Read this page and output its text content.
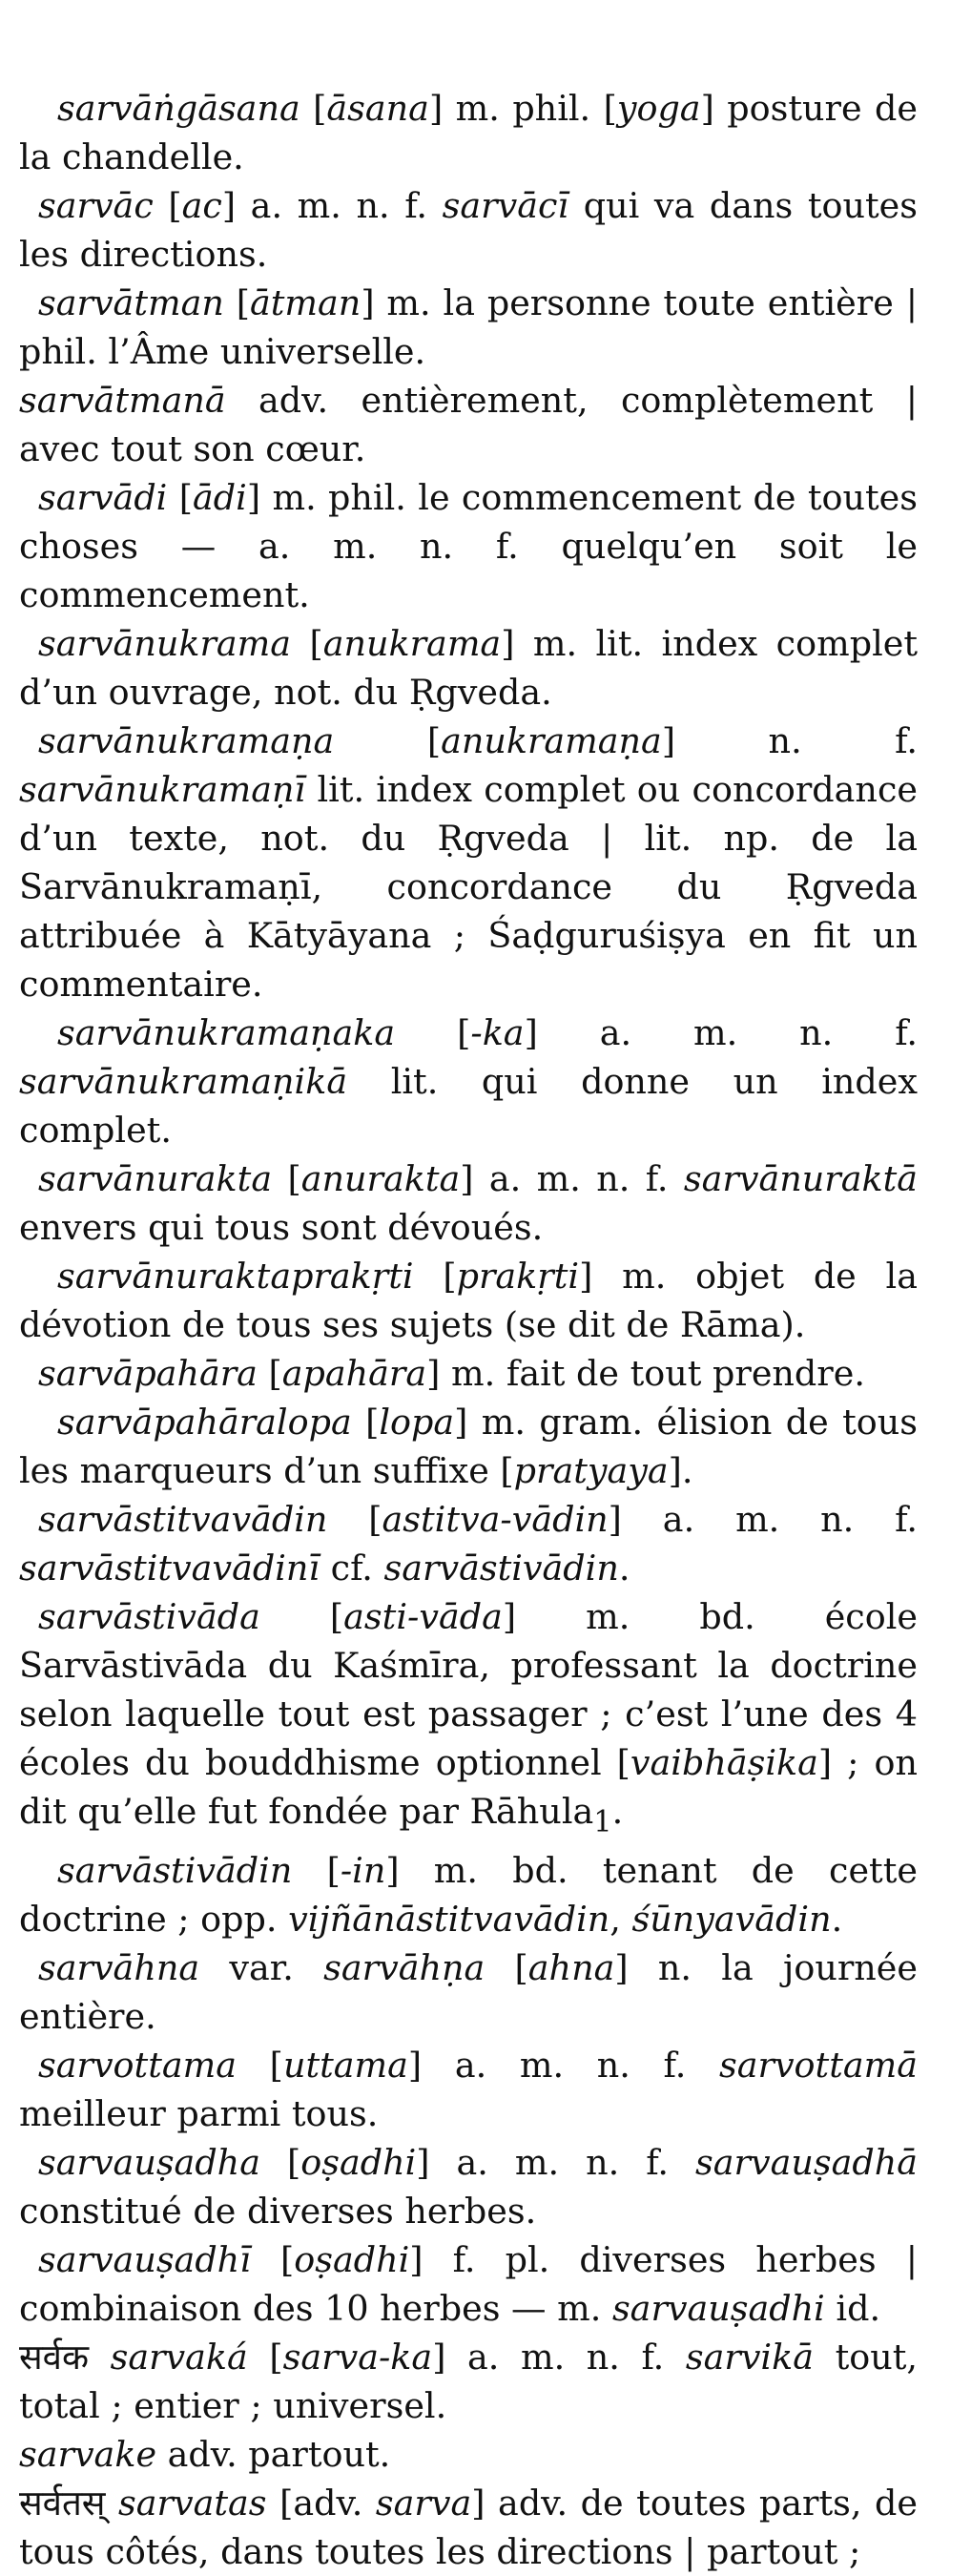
sarvāṅgāsana [āsana] m. phil. [yoga] posture de la chandelle.

sarvāc [ac] a. m. n. f. sarvācī qui va dans toutes les directions.

sarvātman [ātman] m. la personne toute entière | phil. l’Âme universelle.

sarvātmanā adv. entièrement, complètement | avec tout son cœur.

sarvādi [ādi] m. phil. le commencement de toutes choses — a. m. n. f. quelqu’en soit le commencement.

sarvānukrama [anukrama] m. lit. index complet d’un ouvrage, not. du Ṛgveda.

sarvānukramaṇa [anukramaṇa] n. f. sarvānukramaṇī lit. index complet ou concordance d’un texte, not. du Ṛgveda | lit. np. de la Sarvānukramaṇī, concordance du Ṛgveda attribuée à Kātyāyana ; Śaḍguruśiṣya en fit un commentaire.

sarvānukramaṇaka [-ka] a. m. n. f. sarvānukramaṇikā lit. qui donne un index complet.

sarvānurakta [anurakta] a. m. n. f. sarvānuraktā envers qui tous sont dévoués.

sarvānuraktaprakṛti [prakṛti] m. objet de la dévotion de tous ses sujets (se dit de Rāma).

sarvāpahāra [apahāra] m. fait de tout prendre.

sarvāpahāralopa [lopa] m. gram. élision de tous les marqueurs d’un suffixe [pratyaya].

sarvāstitvavādin [astitva-vādin] a. m. n. f. sarvāstitvavādinī cf. sarvāstivādin.

sarvāstivāda [asti-vāda] m. bd. école Sarvāstivāda du Kaśmīra, professant la doctrine selon laquelle tout est passager ; c’est l’une des 4 écoles du bouddhisme optionnel [vaibhāṣika] ; on dit qu’elle fut fondée par Rāhula$_1$.

sarvāstivādin [-in] m. bd. tenant de cette doctrine ; opp. vijñānāstitvavādin, śūnyavādin.

sarvāhna var. sarvāhṇa [ahna] n. la journée entière.

sarvottama [uttama] a. m. n. f. sarvottamā meilleur parmi tous.

sarvauṣadha [oṣadhi] a. m. n. f. sarvauṣadhā constitué de diverses herbes.

sarvauṣadhī [oṣadhi] f. pl. diverses herbes | combinaison des 10 herbes — m. sarvauṣadhi id.

सर्वक sarvaká [sarva-ka] a. m. n. f. sarvikā tout, total ; entier ; universel.

sarvake adv. partout.

सर्वतस् sarvatas [adv. sarva] adv. de toutes parts, de tous côtés, dans toutes les directions | partout ;
